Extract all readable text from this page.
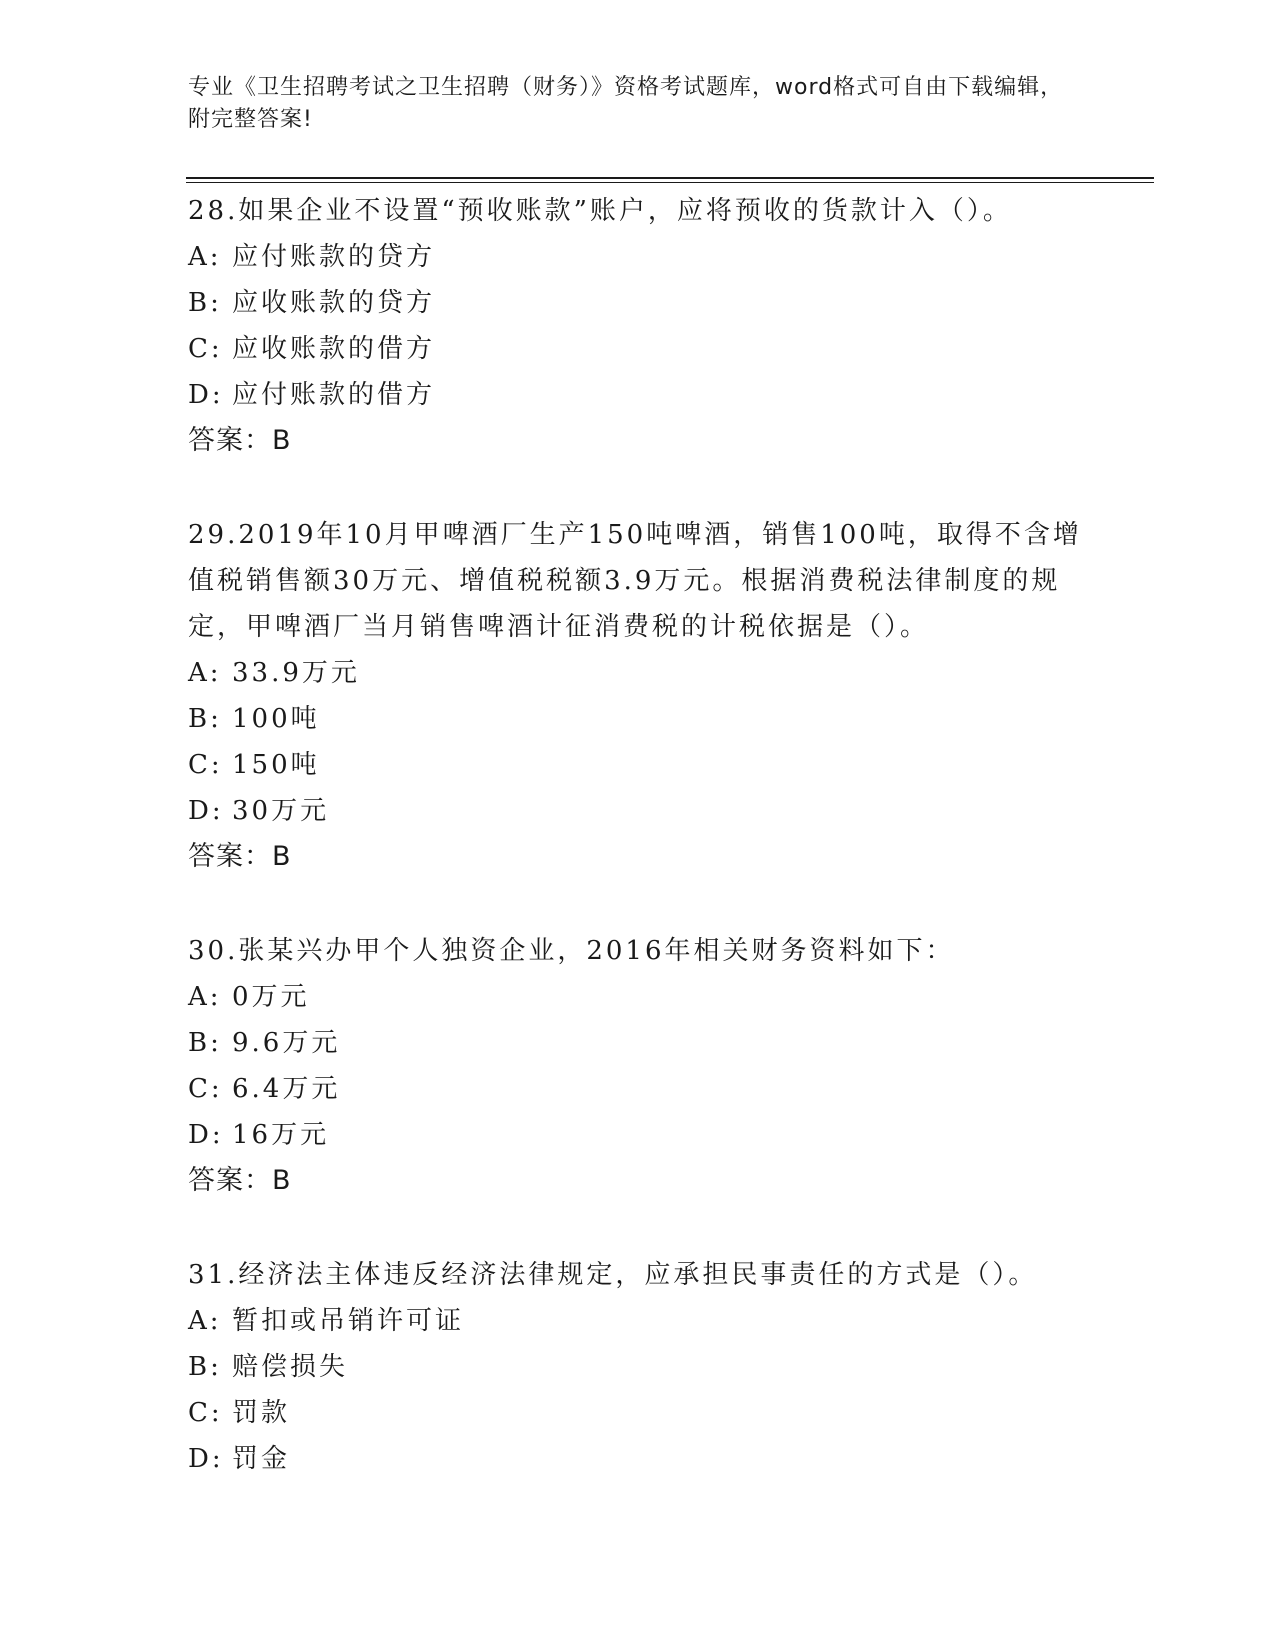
专业《卫生招聘考试之卫生招聘（财务）》资格考试题库，word格式可自由下载编辑，附完整答案!
28.如果企业不设置“预收账款”账户，应将预收的货款计入（）。
A: 应付账款的贷方
B: 应收账款的贷方
C: 应收账款的借方
D: 应付账款的借方
答案：B
29.2019年10月甲啤酒厂生产150吨啤酒，销售100吨，取得不含增值税销售额30万元、增值税税额3.9万元。根据消费税法律制度的规定，甲啤酒厂当月销售啤酒计征消费税的计税依据是（）。
A: 33.9万元
B: 100吨
C: 150吨
D: 30万元
答案：B
30.张某兴办甲个人独资企业，2016年相关财务资料如下：
A: 0万元
B: 9.6万元
C: 6.4万元
D: 16万元
答案：B
31.经济法主体违反经济法律规定，应承担民事责任的方式是（）。
A: 暂扣或吊销许可证
B: 赔偿损失
C: 罚款
D: 罚金
